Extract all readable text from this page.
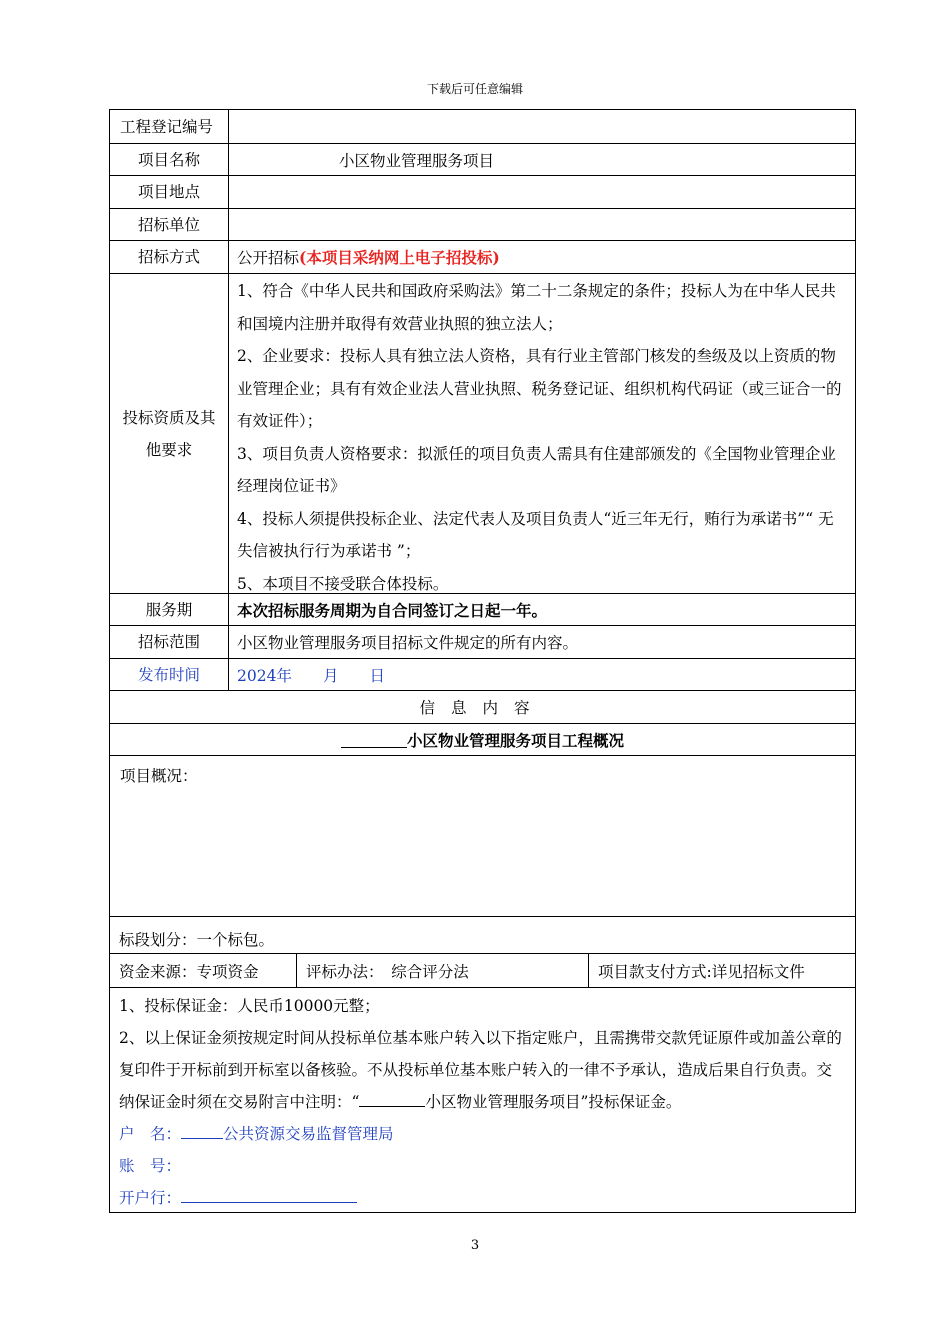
下载后可任意编辑
工程登记编号
项目名称	小区物业管理服务项目
项目地点
招标单位
招标方式	公开招标 (本项目采纳网上电子招投标)
投标资质及其他要求
1、符合《中华人民共和国政府采购法》第二十二条规定的条件；投标人为在中华人民共和国境内注册并取得有效营业执照的独立法人；
2、企业要求：投标人具有独立法人资格，具有行业主管部门核发的叁级及以上资质的物业管理企业；具有有效企业法人营业执照、税务登记证、组织机构代码证（或三证合一的有效证件）；
3、项目负责人资格要求：拟派任的项目负责人需具有住建部颁发的《全国物业管理企业经理岗位证书》
4、投标人须提供投标企业、法定代表人及项目负责人“近三年无行，贿行为承诺书”“ 无失信被执行行为承诺书 ”；
5、本项目不接受联合体投标。
服务期	本次招标服务周期为自合同签订之日起一年。
招标范围	小区物业管理服务项目招标文件规定的所有内容。
发布时间	2024年　　月　　日
信息内容
小区物业管理服务项目工程概况
项目概况：
标段划分：一个标包。
资金来源：专项资金	评标办法：　综合评分法	项目款支付方式:详见招标文件
1、投标保证金：人民币10000元整；
2、以上保证金须按规定时间从投标单位基本账户转入以下指定账户，且需携带交款凭证原件或加盖公章的复印件于开标前到开标室以备核验。不从投标单位基本账户转入的一律不予承认，造成后果自行负责。交纳保证金时须在交易附言中注明：“	小区物业管理服务项目”投标保证金。
户　名：	公共资源交易监督管理局
账　号：
开户行：
3
